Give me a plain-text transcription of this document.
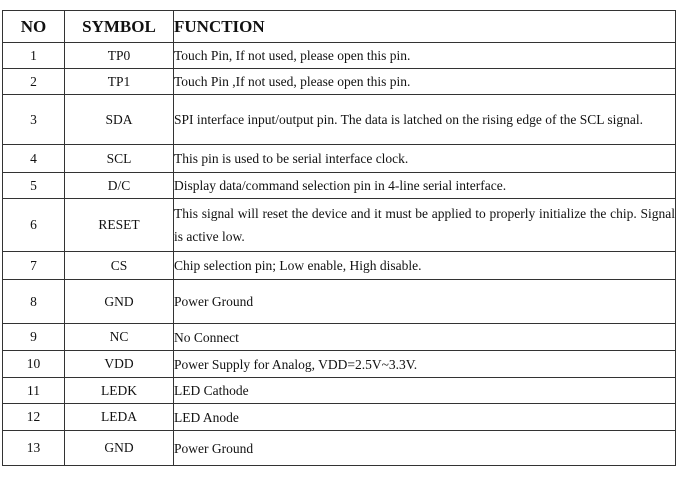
NO	SYMBOL	FUNCTION
1	TP0	Touch Pin, If not used, please open this pin.
2	TP1	Touch Pin ,If not used, please open this pin.
3	SDA	SPI interface input/output pin. The data is latched on the rising edge of the SCL signal.
4	SCL	This pin is used to be serial interface clock.
5	D/C	Display data/command selection pin in 4-line serial interface.
6	RESET	This signal will reset the device and it must be applied to properly initialize the chip. Signal is active low.
7	CS	Chip selection pin; Low enable, High disable.
8	GND	Power Ground
9	NC	No Connect
10	VDD	Power Supply for Analog, VDD=2.5V~3.3V.
11	LEDK	LED Cathode
12	LEDA	LED Anode
13	GND	Power Ground
